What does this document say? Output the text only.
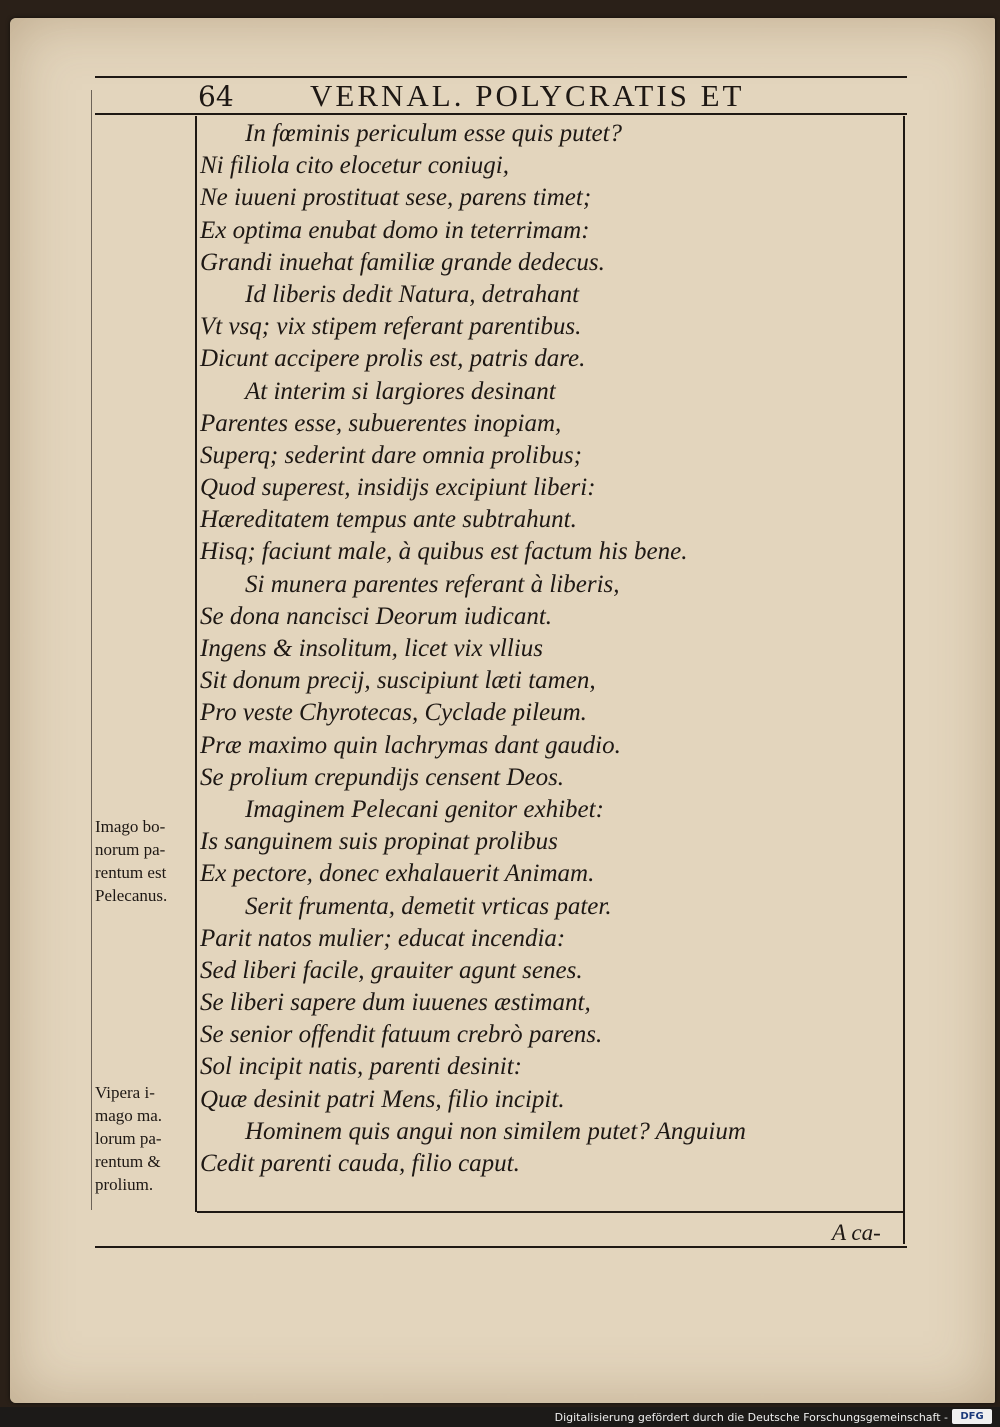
64 VERNAL. POLYCRATIS ET
In fœminis periculum esse quis putet?
Ni filiola cito elocetur coniugi,
Ne iuueni prostituat sese, parens timet;
Ex optima enubat domo in teterrimam:
Grandi inuehat familiæ grande dedecus.
Id liberis dedit Natura, detrahant
Vt vsq; vix stipem referant parentibus.
Dicunt accipere prolis est, patris dare.
At interim si largiores desinant
Parentes esse, subuerentes inopiam,
Superq; sederint dare omnia prolibus;
Quod superest, insidijs excipiunt liberi:
Hæreditatem tempus ante subtrahunt.
Hisq; faciunt male, à quibus est factum his bene.
Si munera parentes referant à liberis,
Se dona nancisci Deorum iudicant.
Ingens & insolitum, licet vix vllius
Sit donum precij, suscipiunt læti tamen,
Pro veste Chyrotecas, Cyclade pileum.
Præ maximo quin lachrymas dant gaudio.
Se prolium crepundijs censent Deos.
Imaginem Pelecani genitor exhibet:
Is sanguinem suis propinat prolibus
Ex pectore, donec exhalauerit Animam.
Serit frumenta, demetit vrticas pater.
Parit natos mulier; educat incendia:
Sed liberi facile, grauiter agunt senes.
Se liberi sapere dum iuuenes æstimant,
Se senior offendit fatuum crebrò parens.
Sol incipit natis, parenti desinit:
Quæ desinit patri Mens, filio incipit.
Hominem quis angui non similem putet? Anguium
Cedit parenti cauda, filio caput.
Imago bo-
norum pa-
rentum est
Pelecanus.
Vipera i-
mago ma.
lorum pa-
rentum &
prolium.
A ca-
Digitalisierung gefördert durch die Deutsche Forschungsgemeinschaft -	DFG
